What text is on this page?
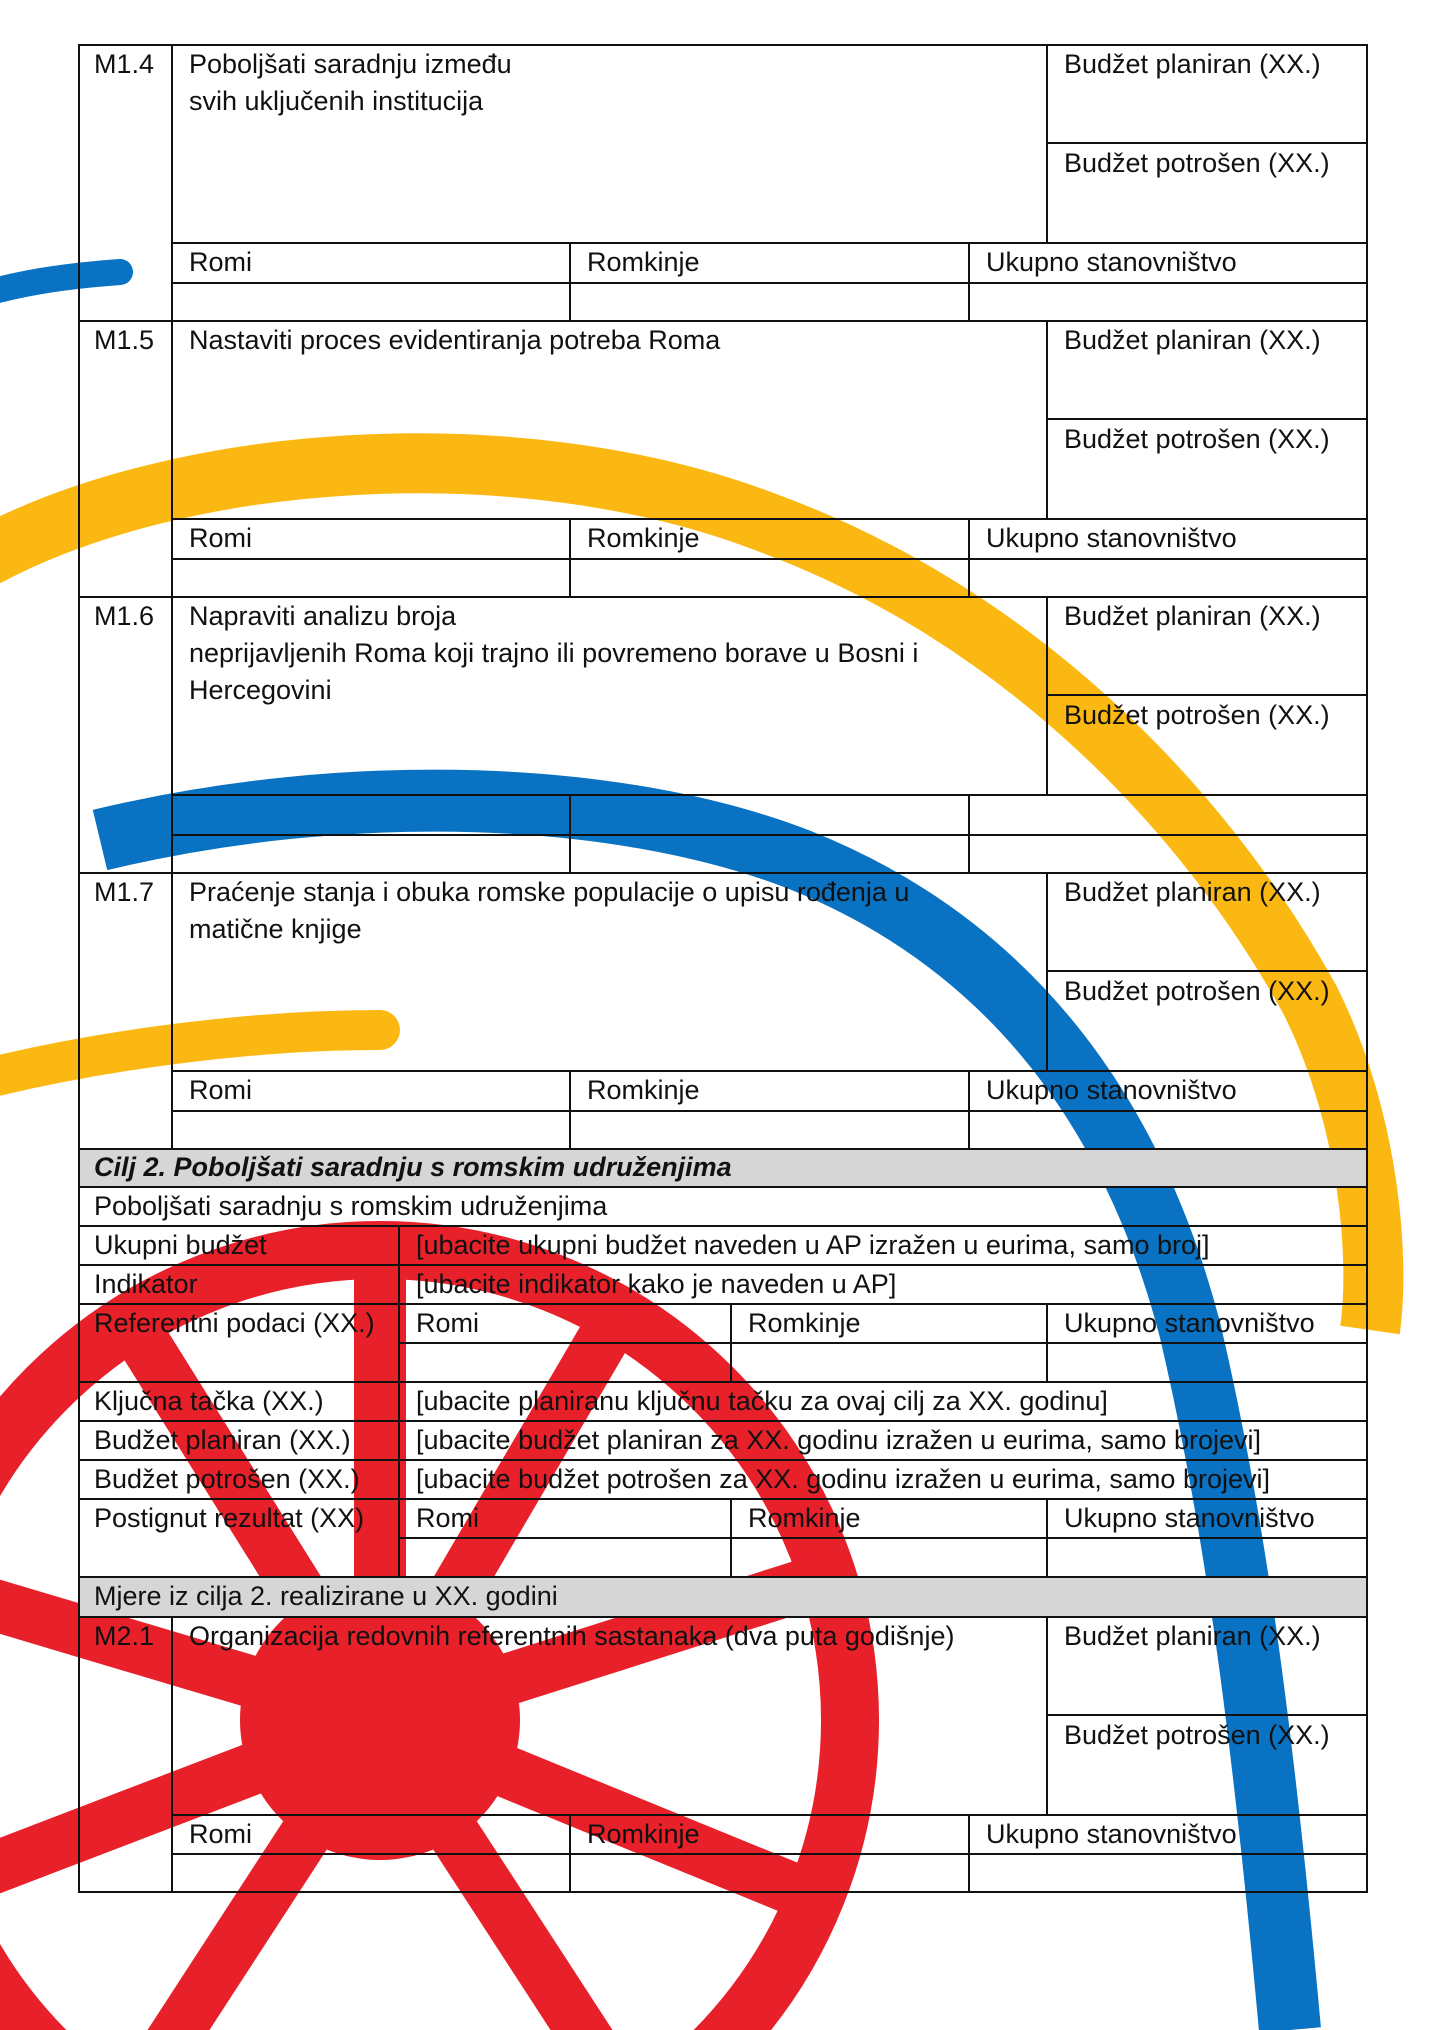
M1.4	Poboljšati saradnju između
svih uključenih institucija
Budžet planiran (XX.)
Budžet potrošen (XX.)
Romi	Romkinje	Ukupno stanovništvo
M1.5	Nastaviti proces evidentiranja potreba Roma	Budžet planiran (XX.)
Budžet potrošen (XX.)
Romi	Romkinje	Ukupno stanovništvo
M1.6	Napraviti analizu broja
neprijavljenih Roma koji trajno ili povremeno borave u Bosni i
Hercegovini
Budžet planiran (XX.)
Budžet potrošen (XX.)
M1.7	Praćenje stanja i obuka romske populacije o upisu rođenja u
matične knjige
Budžet planiran (XX.)
Budžet potrošen (XX.)
Romi	Romkinje	Ukupno stanovništvo
Cilj 2. Poboljšati saradnju s romskim udruženjima
Poboljšati saradnju s romskim udruženjima
Ukupni budžet	[ubacite ukupni budžet naveden u AP izražen u eurima, samo broj]
Indikator	[ubacite indikator kako je naveden u AP]
Referentni podaci (XX.)	Romi	Romkinje	Ukupno stanovništvo
Ključna tačka (XX.)	[ubacite planiranu ključnu tačku za ovaj cilj za XX. godinu]
Budžet planiran (XX.)	[ubacite budžet planiran za XX. godinu izražen u eurima, samo brojevi]
Budžet potrošen (XX.)	[ubacite budžet potrošen za XX. godinu izražen u eurima, samo brojevi]
Postignut rezultat (XX)	Romi	Romkinje	Ukupno stanovništvo
Mjere iz cilja 2. realizirane u XX. godini
M2.1	Organizacija redovnih referentnih sastanaka (dva puta godišnje)	Budžet planiran (XX.)
Budžet potrošen (XX.)
Romi	Romkinje	Ukupno stanovništvo
